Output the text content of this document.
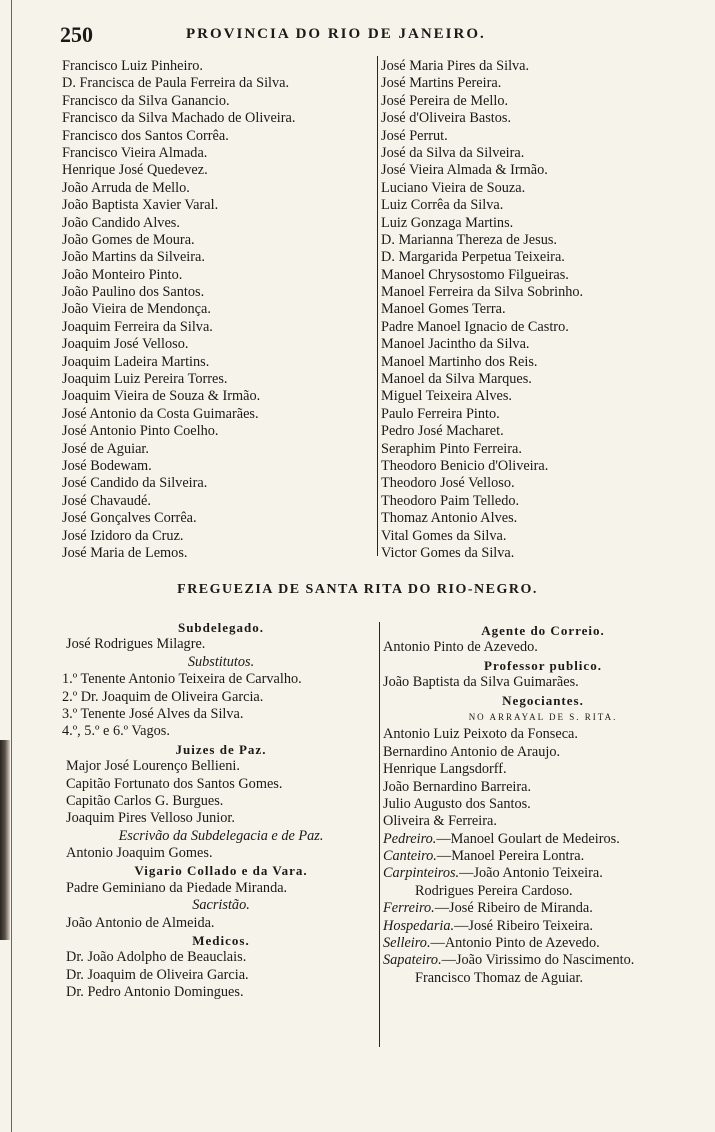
250	PROVINCIA DO RIO DE JANEIRO.
Francisco Luiz Pinheiro.
D. Francisca de Paula Ferreira da Silva.
Francisco da Silva Ganancio.
Francisco da Silva Machado de Oliveira.
Francisco dos Santos Corrêa.
Francisco Vieira Almada.
Henrique José Quedevez.
João Arruda de Mello.
João Baptista Xavier Varal.
João Candido Alves.
João Gomes de Moura.
João Martins da Silveira.
João Monteiro Pinto.
João Paulino dos Santos.
João Vieira de Mendonça.
Joaquim Ferreira da Silva.
Joaquim José Velloso.
Joaquim Ladeira Martins.
Joaquim Luiz Pereira Torres.
Joaquim Vieira de Souza & Irmão.
José Antonio da Costa Guimarães.
José Antonio Pinto Coelho.
José de Aguiar.
José Bodewam.
José Candido da Silveira.
José Chavaudé.
José Gonçalves Corrêa.
José Izidoro da Cruz.
José Maria de Lemos.
José Maria Pires da Silva.
José Martins Pereira.
José Pereira de Mello.
José d'Oliveira Bastos.
José Perrut.
José da Silva da Silveira.
José Vieira Almada & Irmão.
Luciano Vieira de Souza.
Luiz Corrêa da Silva.
Luiz Gonzaga Martins.
D. Marianna Thereza de Jesus.
D. Margarida Perpetua Teixeira.
Manoel Chrysostomo Filgueiras.
Manoel Ferreira da Silva Sobrinho.
Manoel Gomes Terra.
Padre Manoel Ignacio de Castro.
Manoel Jacintho da Silva.
Manoel Martinho dos Reis.
Manoel da Silva Marques.
Miguel Teixeira Alves.
Paulo Ferreira Pinto.
Pedro José Macharet.
Seraphim Pinto Ferreira.
Theodoro Benicio d'Oliveira.
Theodoro José Velloso.
Theodoro Paim Telledo.
Thomaz Antonio Alves.
Vital Gomes da Silva.
Victor Gomes da Silva.
FREGUEZIA DE SANTA RITA DO RIO-NEGRO.
Subdelegado.
José Rodrigues Milagre.
Substitutos.
1.º Tenente Antonio Teixeira de Carvalho.
2.º Dr. Joaquim de Oliveira Garcia.
3.º Tenente José Alves da Silva.
4.º, 5.º e 6.º Vagos.
Juizes de Paz.
Major José Lourenço Bellieni.
Capitão Fortunato dos Santos Gomes.
Capitão Carlos G. Burgues.
Joaquim Pires Velloso Junior.
Escrivão da Subdelegacia e de Paz.
Antonio Joaquim Gomes.
Vigario Collado e da Vara.
Padre Geminiano da Piedade Miranda.
Sacristão.
João Antonio de Almeida.
Medicos.
Dr. João Adolpho de Beauclais.
Dr. Joaquim de Oliveira Garcia.
Dr. Pedro Antonio Domingues.
Agente do Correio.
Antonio Pinto de Azevedo.
Professor publico.
João Baptista da Silva Guimarães.
Negociantes.
NO ARRAYAL DE S. RITA.
Antonio Luiz Peixoto da Fonseca.
Bernardino Antonio de Araujo.
Henrique Langsdorff.
João Bernardino Barreira.
Julio Augusto dos Santos.
Oliveira & Ferreira.
Pedreiro.—Manoel Goulart de Medeiros.
Canteiro.—Manoel Pereira Lontra.
Carpinteiros.—João Antonio Teixeira.
Rodrigues Pereira Cardoso.
Ferreiro.—José Ribeiro de Miranda.
Hospedaria.—José Ribeiro Teixeira.
Selleiro.—Antonio Pinto de Azevedo.
Sapateiro.—João Virissimo do Nascimento.
Francisco Thomaz de Aguiar.
